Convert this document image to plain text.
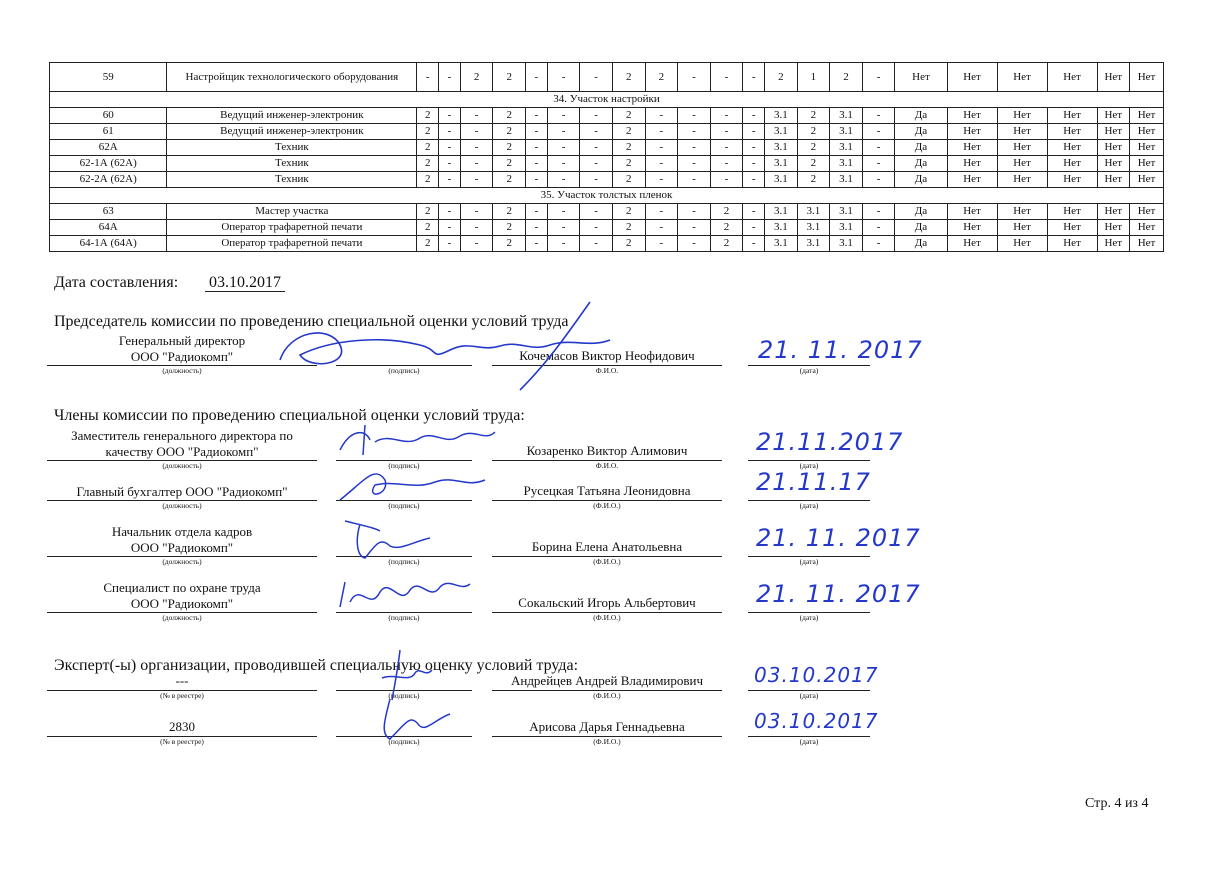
59	Настройщик технологического оборудования	-	-	2	2	-	-	-	2	2	-	-	-	2	1	2	-	Нет	Нет	Нет	Нет	Нет	Нет
34. Участок настройки																							
60	Ведущий инженер-электроник	2	-	-	2	-	-	-	2	-	-	-	-	3.1	2	3.1	-	Да	Нет	Нет	Нет	Нет	Нет
61	Ведущий инженер-электроник	2	-	-	2	-	-	-	2	-	-	-	-	3.1	2	3.1	-	Да	Нет	Нет	Нет	Нет	Нет
62А	Техник	2	-	-	2	-	-	-	2	-	-	-	-	3.1	2	3.1	-	Да	Нет	Нет	Нет	Нет	Нет
62-1А (62А)	Техник	2	-	-	2	-	-	-	2	-	-	-	-	3.1	2	3.1	-	Да	Нет	Нет	Нет	Нет	Нет
62-2А (62А)	Техник	2	-	-	2	-	-	-	2	-	-	-	-	3.1	2	3.1	-	Да	Нет	Нет	Нет	Нет	Нет
35. Участок толстых пленок																							
63	Мастер участка	2	-	-	2	-	-	-	2	-	-	2	-	3.1	3.1	3.1	-	Да	Нет	Нет	Нет	Нет	Нет
64А	Оператор трафаретной печати	2	-	-	2	-	-	-	2	-	-	2	-	3.1	3.1	3.1	-	Да	Нет	Нет	Нет	Нет	Нет
64-1А (64А)	Оператор трафаретной печати	2	-	-	2	-	-	-	2	-	-	2	-	3.1	3.1	3.1	-	Да	Нет	Нет	Нет	Нет	Нет
Дата составления: 03.10.2017
Председатель комиссии по проведению специальной оценки условий труда
Генеральный директор
ООО "Радиокомп"
(должность)	(подпись)
Кочемасов Виктор Неофидович
Ф.И.О.
21. 11. 2017
(дата)
Члены комиссии по проведению специальной оценки условий труда:
Заместитель генерального директора по
качеству ООО "Радиокомп"
(должность)	(подпись)
Козаренко Виктор Алимович
Ф.И.О.
21.11.2017
(дата)
Главный бухгалтер ООО "Радиокомп"
(должность)	(подпись)
Русецкая Татьяна Леонидовна
(Ф.И.О.)
21.11.17
(дата)
Начальник отдела кадров
ООО "Радиокомп"
(должность)	(подпись)
Борина Елена Анатольевна
(Ф.И.О.)
21. 11. 2017
(дата)
Специалист по охране труда
ООО "Радиокомп"
(должность)	(подпись)
Сокальский Игорь Альбертович
(Ф.И.О.)
21. 11. 2017
(дата)
Эксперт(-ы) организации, проводившей специальную оценку условий труда:
---
(№ в реестре)	(подпись)
Андрейцев Андрей Владимирович
(Ф.И.О.)
03.10.2017
(дата)
2830
(№ в реестре)	(подпись)
Арисова Дарья Геннадьевна
(Ф.И.О.)
03.10.2017
(дата)
Стр. 4 из 4
